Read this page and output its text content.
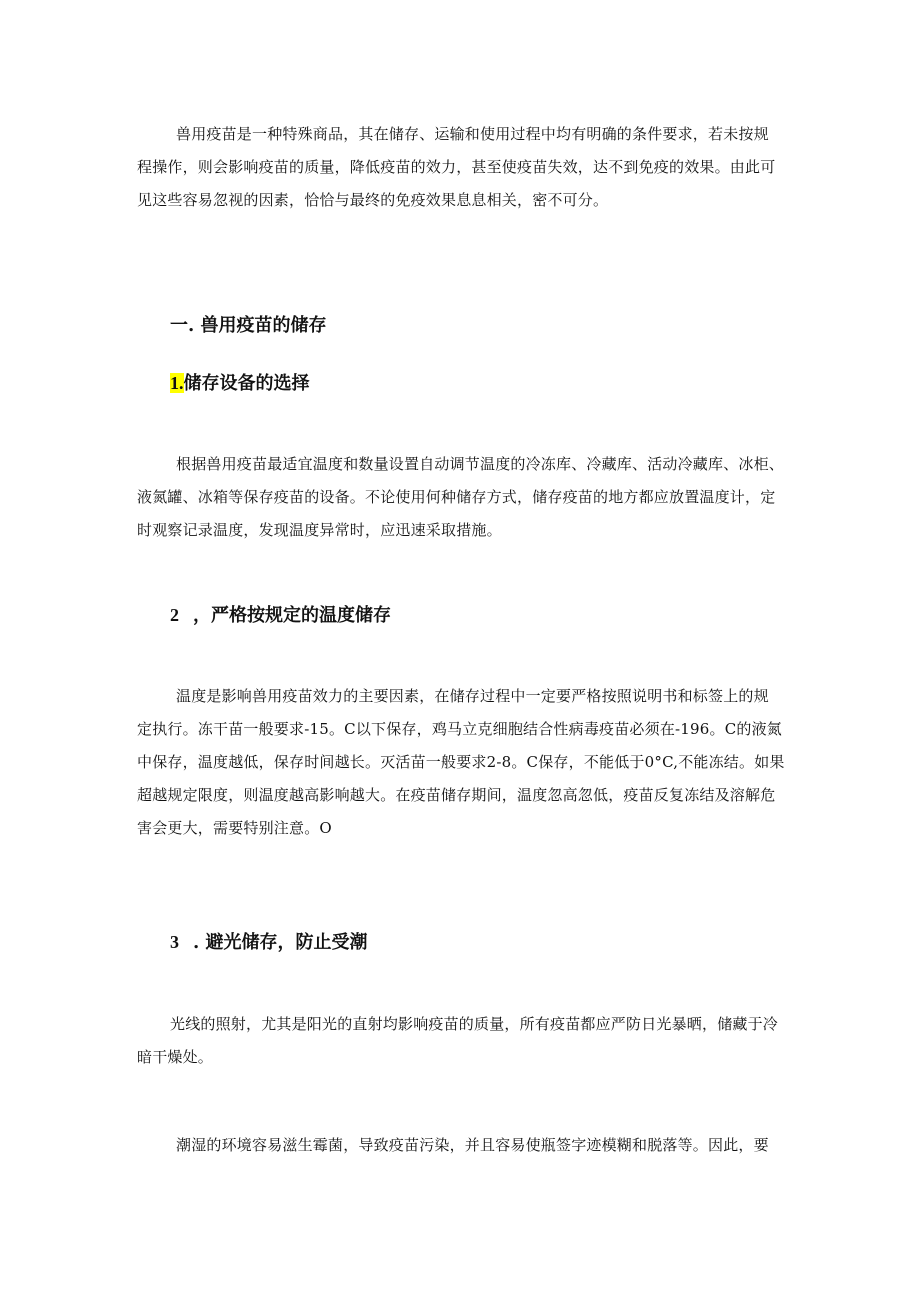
兽用疫苗是一种特殊商品，其在储存、运输和使用过程中均有明确的条件要求，若未按规
程操作，则会影响疫苗的质量，降低疫苗的效力，甚至使疫苗失效，达不到免疫的效果。由此可
见这些容易忽视的因素，恰恰与最终的免疫效果息息相关，密不可分。
一. 兽用疫苗的储存
1.储存设备的选择
根据兽用疫苗最适宜温度和数量设置自动调节温度的冷冻库、冷藏库、活动冷藏库、冰柜、
液氮罐、冰箱等保存疫苗的设备。不论使用何种储存方式，储存疫苗的地方都应放置温度计，定
时观察记录温度，发现温度异常时，应迅速采取措施。
2 ，严格按规定的温度储存
温度是影响兽用疫苗效力的主要因素，在储存过程中一定要严格按照说明书和标签上的规
定执行。冻干苗一般要求-15。C以下保存，鸡马立克细胞结合性病毒疫苗必须在-196。C的液氮
中保存，温度越低，保存时间越长。灭活苗一般要求2-8。C保存，不能低于0°C,不能冻结。如果
超越规定限度，则温度越高影响越大。在疫苗储存期间，温度忽高忽低，疫苗反复冻结及溶解危
害会更大，需要特别注意。O
3 . 避光储存，防止受潮
光线的照射，尤其是阳光的直射均影响疫苗的质量，所有疫苗都应严防日光暴晒，储藏于冷
暗干燥处。
潮湿的环境容易滋生霉菌，导致疫苗污染，并且容易使瓶签字迹模糊和脱落等。因此，要
